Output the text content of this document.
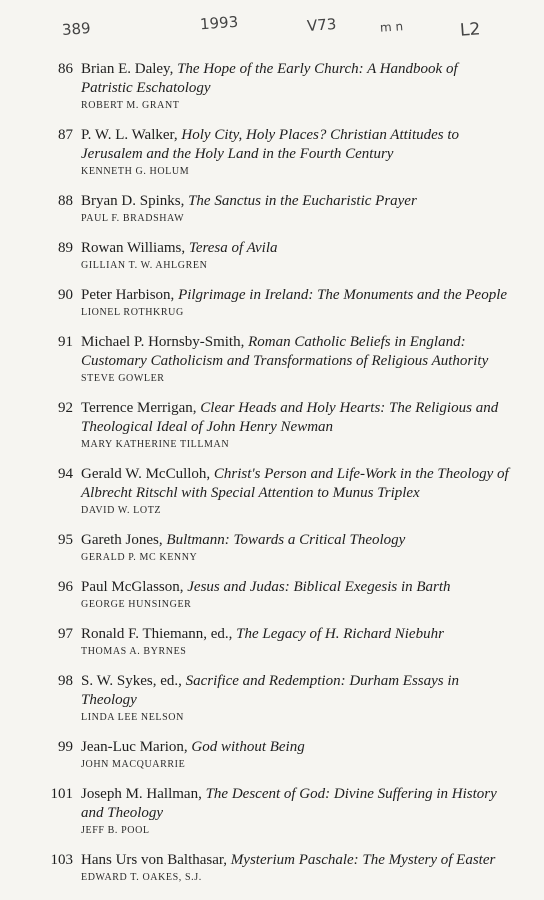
389	1993	V73	m n	L2
86 Brian E. Daley, The Hope of the Early Church: A Handbook of Patristic Eschatology
ROBERT M. GRANT
87 P. W. L. Walker, Holy City, Holy Places? Christian Attitudes to Jerusalem and the Holy Land in the Fourth Century
KENNETH G. HOLUM
88 Bryan D. Spinks, The Sanctus in the Eucharistic Prayer
PAUL F. BRADSHAW
89 Rowan Williams, Teresa of Avila
GILLIAN T. W. AHLGREN
90 Peter Harbison, Pilgrimage in Ireland: The Monuments and the People
LIONEL ROTHKRUG
91 Michael P. Hornsby-Smith, Roman Catholic Beliefs in England: Customary Catholicism and Transformations of Religious Authority
STEVE GOWLER
92 Terrence Merrigan, Clear Heads and Holy Hearts: The Religious and Theological Ideal of John Henry Newman
MARY KATHERINE TILLMAN
94 Gerald W. McCulloh, Christ's Person and Life-Work in the Theology of Albrecht Ritschl with Special Attention to Munus Triplex
DAVID W. LOTZ
95 Gareth Jones, Bultmann: Towards a Critical Theology
GERALD P. MC KENNY
96 Paul McGlasson, Jesus and Judas: Biblical Exegesis in Barth
GEORGE HUNSINGER
97 Ronald F. Thiemann, ed., The Legacy of H. Richard Niebuhr
THOMAS A. BYRNES
98 S. W. Sykes, ed., Sacrifice and Redemption: Durham Essays in Theology
LINDA LEE NELSON
99 Jean-Luc Marion, God without Being
JOHN MACQUARRIE
101 Joseph M. Hallman, The Descent of God: Divine Suffering in History and Theology
JEFF B. POOL
103 Hans Urs von Balthasar, Mysterium Paschale: The Mystery of Easter
EDWARD T. OAKES, S.J.
